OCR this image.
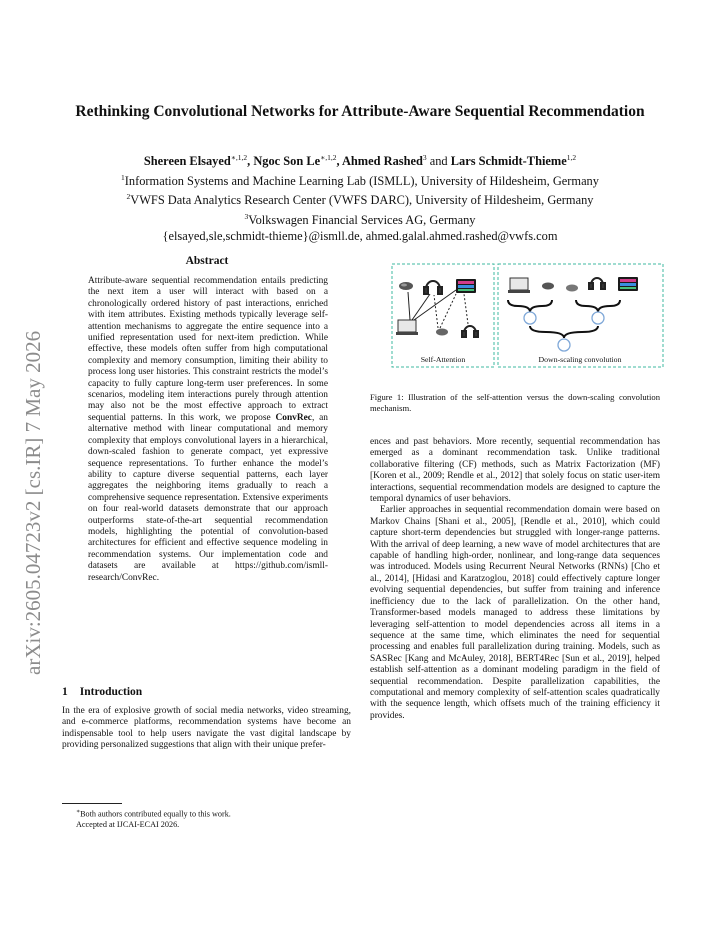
arXiv:2605.04723v2 [cs.IR] 7 May 2026
Rethinking Convolutional Networks for Attribute-Aware Sequential Recommendation
Shereen Elsayed$^{∗,1,2}$, Ngoc Son $Le^{∗,1,2}$, Ahmed Rashed$^3$ and Lars Schmidt-Thieme$^{1,2}$
$^1$Information Systems and Machine Learning Lab (ISMLL), University of Hildesheim, Germany
$^2$VWFS Data Analytics Research Center (VWFS DARC), University of Hildesheim, Germany
$^3$Volkswagen Financial Services AG, Germany
{elsayed,sle,schmidt-thieme}@ismll.de, ahmed.galal.ahmed.rashed@vwfs.com
Abstract

Attribute-aware sequential recommendation entails predicting the next item a user will interact with based on a chronologically ordered history of past interactions, enriched with item attributes. Existing methods typically leverage self-attention mechanisms to aggregate the entire sequence into a unified representation used for next-item prediction. While effective, these models often suffer from high computational complexity and memory consumption, limiting their ability to process long user histories. This constraint restricts the model’s capacity to fully capture long-term user preferences. In some scenarios, modeling item interactions purely through attention may also not be the most effective approach to extract sequential patterns. In this work, we propose ConvRec, an alternative method with linear computational and memory complexity that employs convolutional layers in a hierarchical, down-scaled fashion to generate compact, yet expressive sequence representations. To further enhance the model’s ability to capture diverse sequential patterns, each layer aggregates the neighboring items gradually to reach a comprehensive sequence representation. Extensive experiments on four real-world datasets demonstrate that our approach outperforms state-of-the-art sequential recommendation models, highlighting the potential of convolution-based architectures for efficient and effective sequence modeling in recommendation systems. Our implementation code and datasets are available at https://github.com/ismll-research/ConvRec.

1 Introduction

In the era of explosive growth of social media networks, video streaming, and e-commerce platforms, recommendation systems have become an indispensable tool to help users navigate the vast digital landscape by providing personalized suggestions that align with their unique prefer-

∗Both authors contributed equally to this work.
Accepted at IJCAI-ECAI 2026.
Self-Attention	Down-scaling convolution
Figure 1: Illustration of the self-attention versus the down-scaling convolution mechanism.

ences and past behaviors. More recently, sequential recommendation has emerged as a dominant recommendation task. Unlike traditional collaborative filtering (CF) methods, such as Matrix Factorization (MF) [Koren et al., 2009; Rendle et al., 2012] that solely focus on static user-item interactions, sequential recommendation models are designed to capture the temporal dynamics of user behaviors.

Earlier approaches in sequential recommendation domain were based on Markov Chains [Shani et al., 2005], [Rendle et al., 2010], which could capture short-term dependencies but struggled with longer-range patterns. With the arrival of deep learning, a new wave of model architectures that are capable of handling high-order, nonlinear, and long-range data sequences was introduced. Models using Recurrent Neural Networks (RNNs) [Cho et al., 2014], [Hidasi and Karatzoglou, 2018] could effectively capture longer evolving sequential dependencies, but suffer from training and inference inefficiency due to the lack of parallelization. On the other hand, Transformer-based models managed to address these limitations by leveraging self-attention to model dependencies across all items in a sequence at the same time, which eliminates the need for sequential processing and enables full parallelization during training. Models, such as SASRec [Kang and McAuley, 2018], BERT4Rec [Sun et al., 2019], helped establish self-attention as a dominant modeling paradigm in the field of sequential recommendation. Despite parallelization capabilities, the computational and memory complexity of self-attention scales quadratically with the sequence length, which offsets much of the training efficiency it provides.
